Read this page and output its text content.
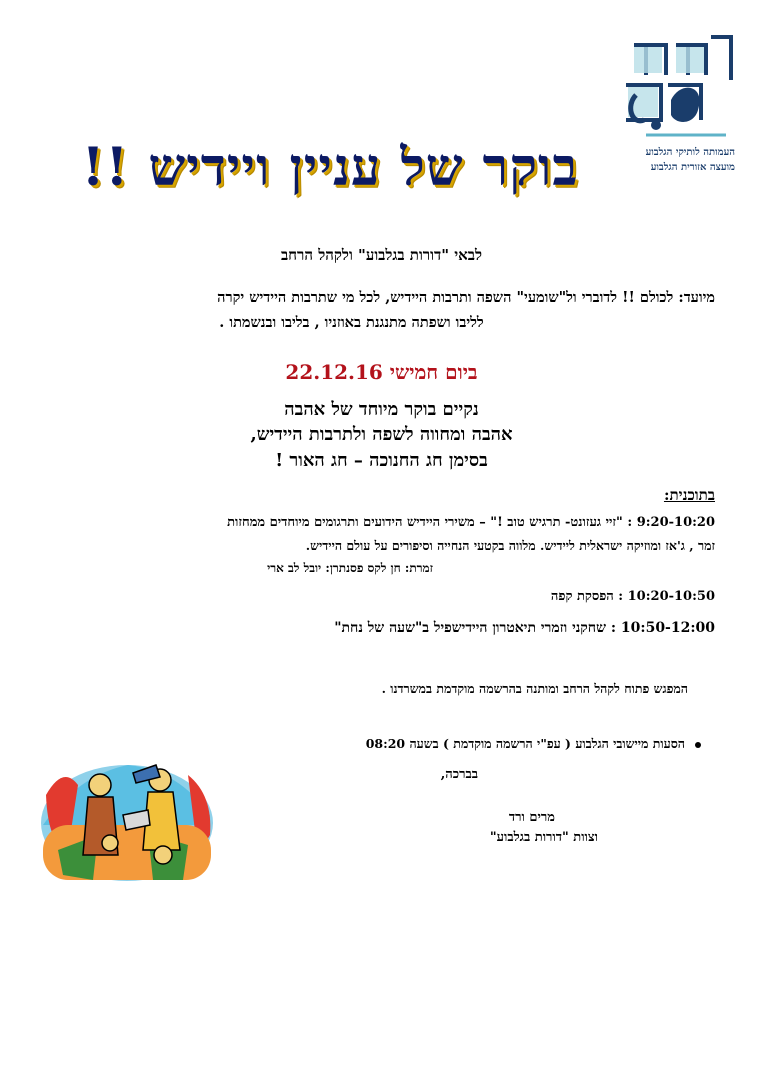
העמותה לותיקי הגלבוע
מועצה אזורית הגלבוע
בוקר של עניין ויידיש !!
לבאי "דורות בגלבוע" ולקהל הרחב
מיועד: לכולם !! לדוברי ול"שומעי" השפה ותרבות היידיש, לכל מי שתרבות היידיש יקרה
לליבו ושפתה מתנגנת באוזניו , בליבו ובנשמתו .
ביום חמישי 22.12.16
נקיים בוקר מיוחד של אהבה
אהבה ומחווה לשפה ולתרבות היידיש,
בסימן חג החנוכה – חג האור !
בתוכנית:
9:20-10:20 : "זיי געזונט- תרגיש טוב !" – משירי היידיש הידועים ותרגומים מיוחדים ממחזות
זמר , ג'אז ומוזיקה ישראלית ליידיש. מלווה בקטעי הנחייה וסיפורים על עולם היידיש.
זמרת: חן לקס פסנתרן: יובל לב ארי
10:20-10:50 : הפסקת קפה
10:50-12:00 : שחקני וזמרי תיאטרון היידישפיל ב"שעה של נחת"
המפגש פתוח לקהל הרחב ומותנה בהרשמה מוקדמת במשרדנו .
הסעות מיישובי הגלבוע ( עפ"י הרשמה מוקדמת ) בשעה 08:20
בברכה,
מרים ורד
וצוות "דורות בגלבוע"
